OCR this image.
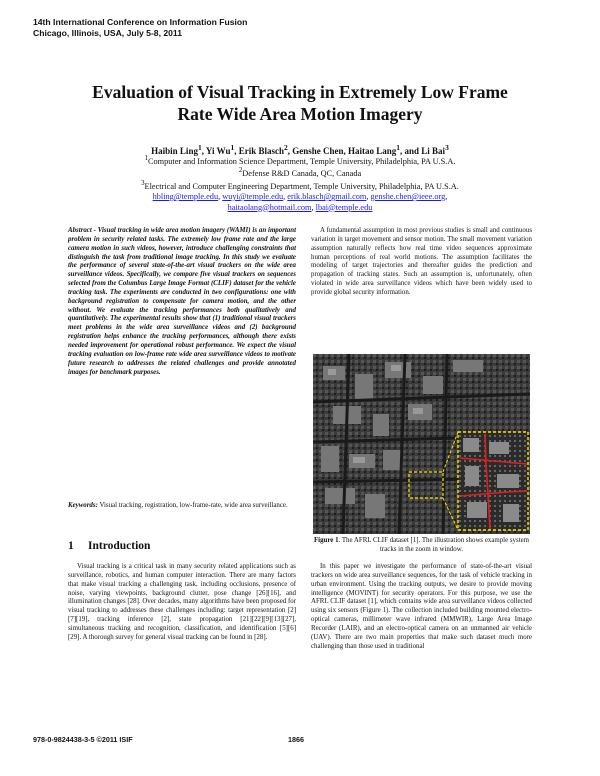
14th International Conference on Information Fusion
Chicago, Illinois, USA, July 5-8, 2011
Evaluation of Visual Tracking in Extremely Low Frame
Rate Wide Area Motion Imagery
Haibin Ling$^1$, Yi Wu$^1$, Erik Blasch$^2$, Genshe Chen, Haitao Lang$^1$, and Li Bai$^3$
$^1$Computer and Information Science Department, Temple University, Philadelphia, PA U.S.A.
$^2$Defense R&D Canada, QC, Canada
$^3$Electrical and Computer Engineering Department, Temple University, Philadelphia, PA U.S.A.
hbling@temple.edu, wuyi@temple.edu, erik.blasch@gmail.com, genshe.chen@ieee.org,
haitaolang@hotmail.com, lbai@temple.edu
Abstract - Visual tracking in wide area motion imagery (WAMI) is an important problem in security related tasks. The extremely low frame rate and the large camera motion in such videos, however, introduce challenging constraints that distinguish the task from traditional image tracking. In this study we evaluate the performance of several state-of-the-art visual trackers on the wide area surveillance videos. Specifically, we compare five visual trackers on sequences selected from the Columbus Large Image Format (CLIF) dataset for the vehicle tracking task. The experiments are conducted in two configurations: one with background registration to compensate for camera motion, and the other without. We evaluate the tracking performances both qualitatively and quantitatively. The experimental results show that (1) traditional visual trackers meet problems in the wide area surveillance videos and (2) background registration helps enhance the tracking performances, although there exists needed improvement for operational robust performance. We expect the visual tracking evaluation on low-frame rate wide area surveillance videos to motivate future research to addresses the related challenges and provide annotated images for benchmark purposes.
Keywords: Visual tracking, registration, low-frame-rate, wide area surveillance.
1 Introduction
Visual tracking is a critical task in many security related applications such as surveillance, robotics, and human computer interaction. There are many factors that make visual tracking a challenging task, including occlusions, presence of noise, varying viewpoints, background clutter, pose change [26][16], and illumination changes [28]. Over decades, many algorithms have been proposed for visual tracking to addresses these challenges including: target representation [2][7][19], tracking inference [2], state propagation [21][22][9][13][27], simultaneous tracking and recognition, classification, and identification [5][6][29]. A thorough survey for general visual tracking can be found in [28].
A fundamental assumption in most previous studies is small and continuous variation in target movement and sensor motion. The small movement variation assumption naturally reflects how real time video sequences approximate human perceptions of real world motions. The assumption facilitates the modeling of target trajectories and thereafter guides the prediction and propagation of tracking states. Such an assumption is, unfortunately, often violated in wide area surveillance videos which have been widely used to provide global security information.
Figure 1. The AFRL CLIF dataset [1]. The illustration shows example system tracks in the zoom in window.
In this paper we investigate the performance of state-of-the-art visual trackers on wide area surveillance sequences, for the task of vehicle tracking in urban environment. Using the tracking outputs, we desire to provide moving intelligence (MOVINT) for security operators. For this purpose, we use the AFRL CLIF dataset [1], which contains wide area surveillance videos collected using six sensors (Figure 1). The collection included building mounted electro-optical cameras, millimeter wave infrared (MMWIR), Large Area Image Recorder (LAIR), and an electro-optical camera on an unmanned air vehicle (UAV). There are two main properties that make such dataset much more challenging than those used in traditional
978-0-9824438-3-5 ©2011 ISIF	1866
